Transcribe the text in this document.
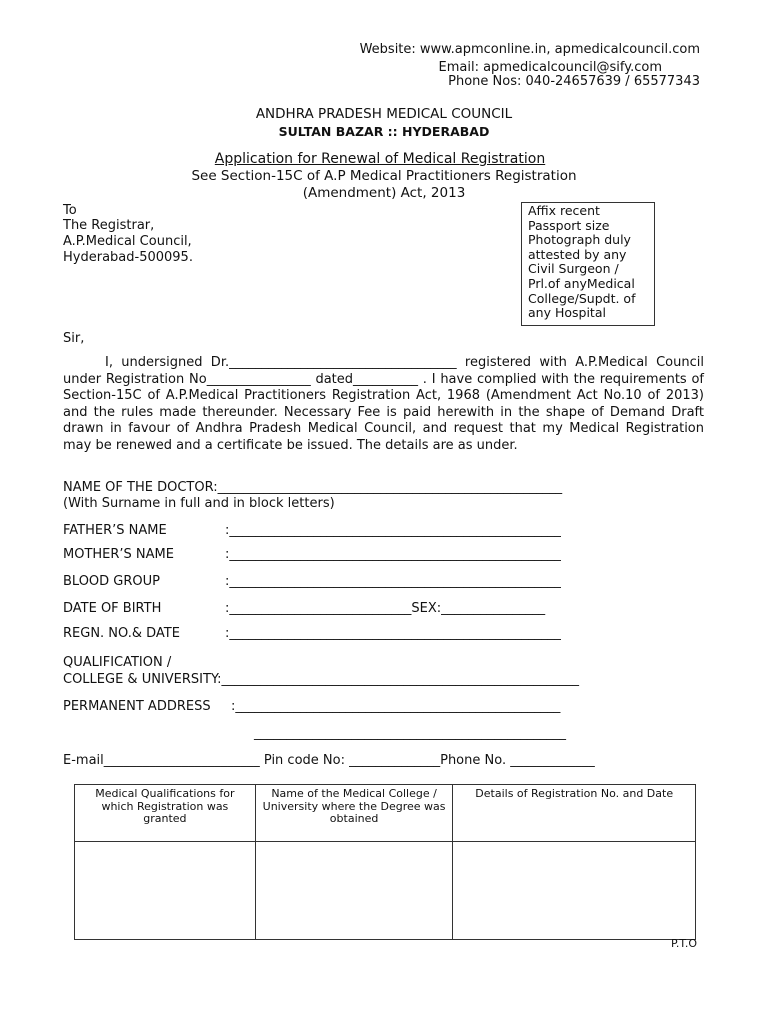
Website: www.apmconline.in, apmedicalcouncil.com
Email: apmedicalcouncil@sify.com
Phone Nos: 040-24657639 / 65577343
ANDHRA PRADESH MEDICAL COUNCIL
SULTAN BAZAR :: HYDERABAD
Application for Renewal of Medical Registration
See Section-15C of A.P Medical Practitioners Registration
(Amendment) Act, 2013
To
The Registrar,
A.P.Medical Council,
Hyderabad-500095.
Affix recent Passport size Photograph duly attested by any Civil Surgeon / Prl.of anyMedical College/Supdt. of any Hospital
Sir,

I, undersigned Dr.___________________________________ registered with A.P.Medical Council under Registration No________________ dated__________ . I have complied with the requirements of Section-15C of A.P.Medical Practitioners Registration Act, 1968 (Amendment Act No.10 of 2013) and the rules made thereunder. Necessary Fee is paid herewith in the shape of Demand Draft drawn in favour of Andhra Pradesh Medical Council, and request that my Medical Registration may be renewed and a certificate be issued. The details are as under.

NAME OF THE DOCTOR:_____________________________________________________
(With Surname in full and in block letters)
FATHER’S NAME	:___________________________________________________
MOTHER’S NAME	:___________________________________________________
BLOOD GROUP	:___________________________________________________
DATE OF BIRTH	:____________________________SEX:________________
REGN. NO.& DATE	:___________________________________________________
QUALIFICATION /
COLLEGE & UNIVERSITY:_______________________________________________________
PERMANENT ADDRESS :__________________________________________________
________________________________________________
E-mail________________________ Pin code No: ______________Phone No. _____________
Medical Qualifications for which Registration was granted	Name of the Medical College / University where the Degree was obtained	Details of Registration No. and Date

P.T.O
